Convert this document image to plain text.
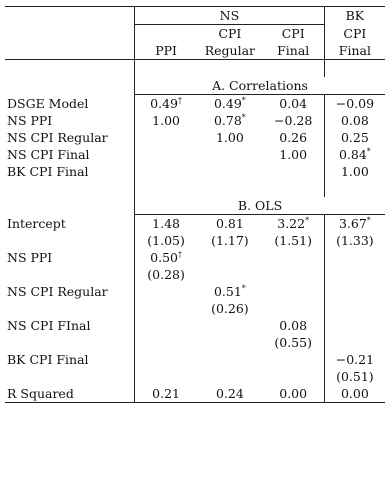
	NS			BK
		CPI	CPI	CPI
	PPI	Regular	Final	Final

	A. Correlations			
DSGE Model	0.49†	0.49*	0.04	−0.09
NS PPI	1.00	0.78*	−0.28	0.08
NS CPI Regular		1.00	0.26	0.25
NS CPI Final			1.00	0.84*
BK CPI Final				1.00

	B. OLS			
Intercept	1.48	0.81	3.22*	3.67*
	(1.05)	(1.17)	(1.51)	(1.33)
NS PPI	0.50†			
	(0.28)			
NS CPI Regular		0.51*		
		(0.26)		
NS CPI FInal			0.08	
			(0.55)	
BK CPI Final				−0.21
				(0.51)
R Squared	0.21	0.24	0.00	0.00
